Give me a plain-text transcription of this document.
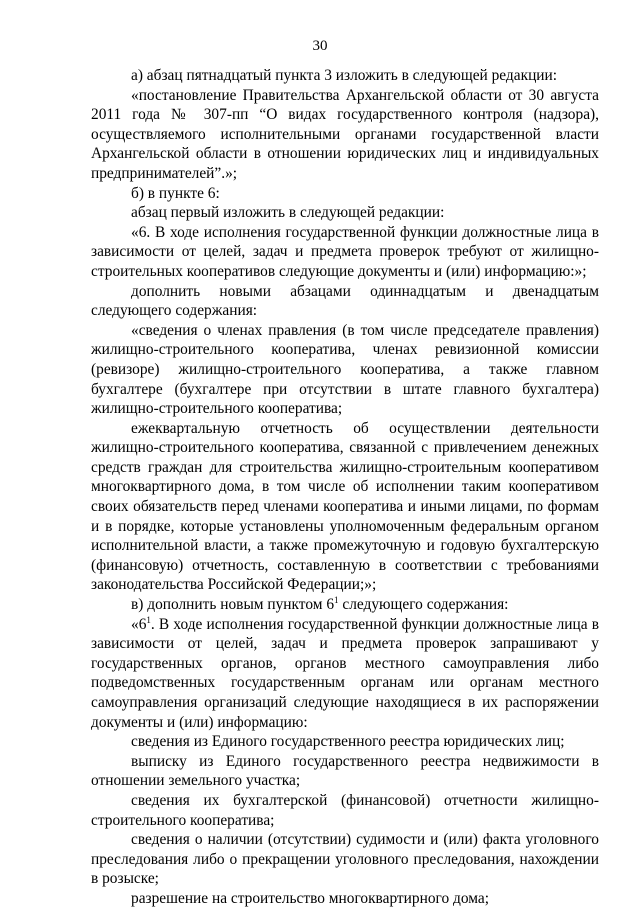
30

а) абзац пятнадцатый пункта 3 изложить в следующей редакции:

«постановление Правительства Архангельской области от 30 августа 2011 года № 307-пп “О видах государственного контроля (надзора), осуществляемого исполнительными органами государственной власти Архангельской области в отношении юридических лиц и индивидуальных предпринимателей”.»;

б) в пункте 6:

абзац первый изложить в следующей редакции:

«6. В ходе исполнения государственной функции должностные лица в зависимости от целей, задач и предмета проверок требуют от жилищно-строительных кооперативов следующие документы и (или) информацию:»;

дополнить новыми абзацами одиннадцатым и двенадцатым следующего содержания:

«сведения о членах правления (в том числе председателе правления) жилищно-строительного кооператива, членах ревизионной комиссии (ревизоре) жилищно-строительного кооператива, а также главном бухгалтере (бухгалтере при отсутствии в штате главного бухгалтера) жилищно-строительного кооператива;

ежеквартальную отчетность об осуществлении деятельности жилищно-строительного кооператива, связанной с привлечением денежных средств граждан для строительства жилищно-строительным кооперативом многоквартирного дома, в том числе об исполнении таким кооперативом своих обязательств перед членами кооператива и иными лицами, по формам и в порядке, которые установлены уполномоченным федеральным органом исполнительной власти, а также промежуточную и годовую бухгалтерскую (финансовую) отчетность, составленную в соответствии с требованиями законодательства Российской Федерации;»;

в) дополнить новым пунктом $6^1$ следующего содержания:

«$6^1$. В ходе исполнения государственной функции должностные лица в зависимости от целей, задач и предмета проверок запрашивают у государственных органов, органов местного самоуправления либо подведомственных государственным органам или органам местного самоуправления организаций следующие находящиеся в их распоряжении документы и (или) информацию:

сведения из Единого государственного реестра юридических лиц;

выписку из Единого государственного реестра недвижимости в отношении земельного участка;

сведения их бухгалтерской (финансовой) отчетности жилищно-строительного кооператива;

сведения о наличии (отсутствии) судимости и (или) факта уголовного преследования либо о прекращении уголовного преследования, нахождении в розыске;

разрешение на строительство многоквартирного дома;
